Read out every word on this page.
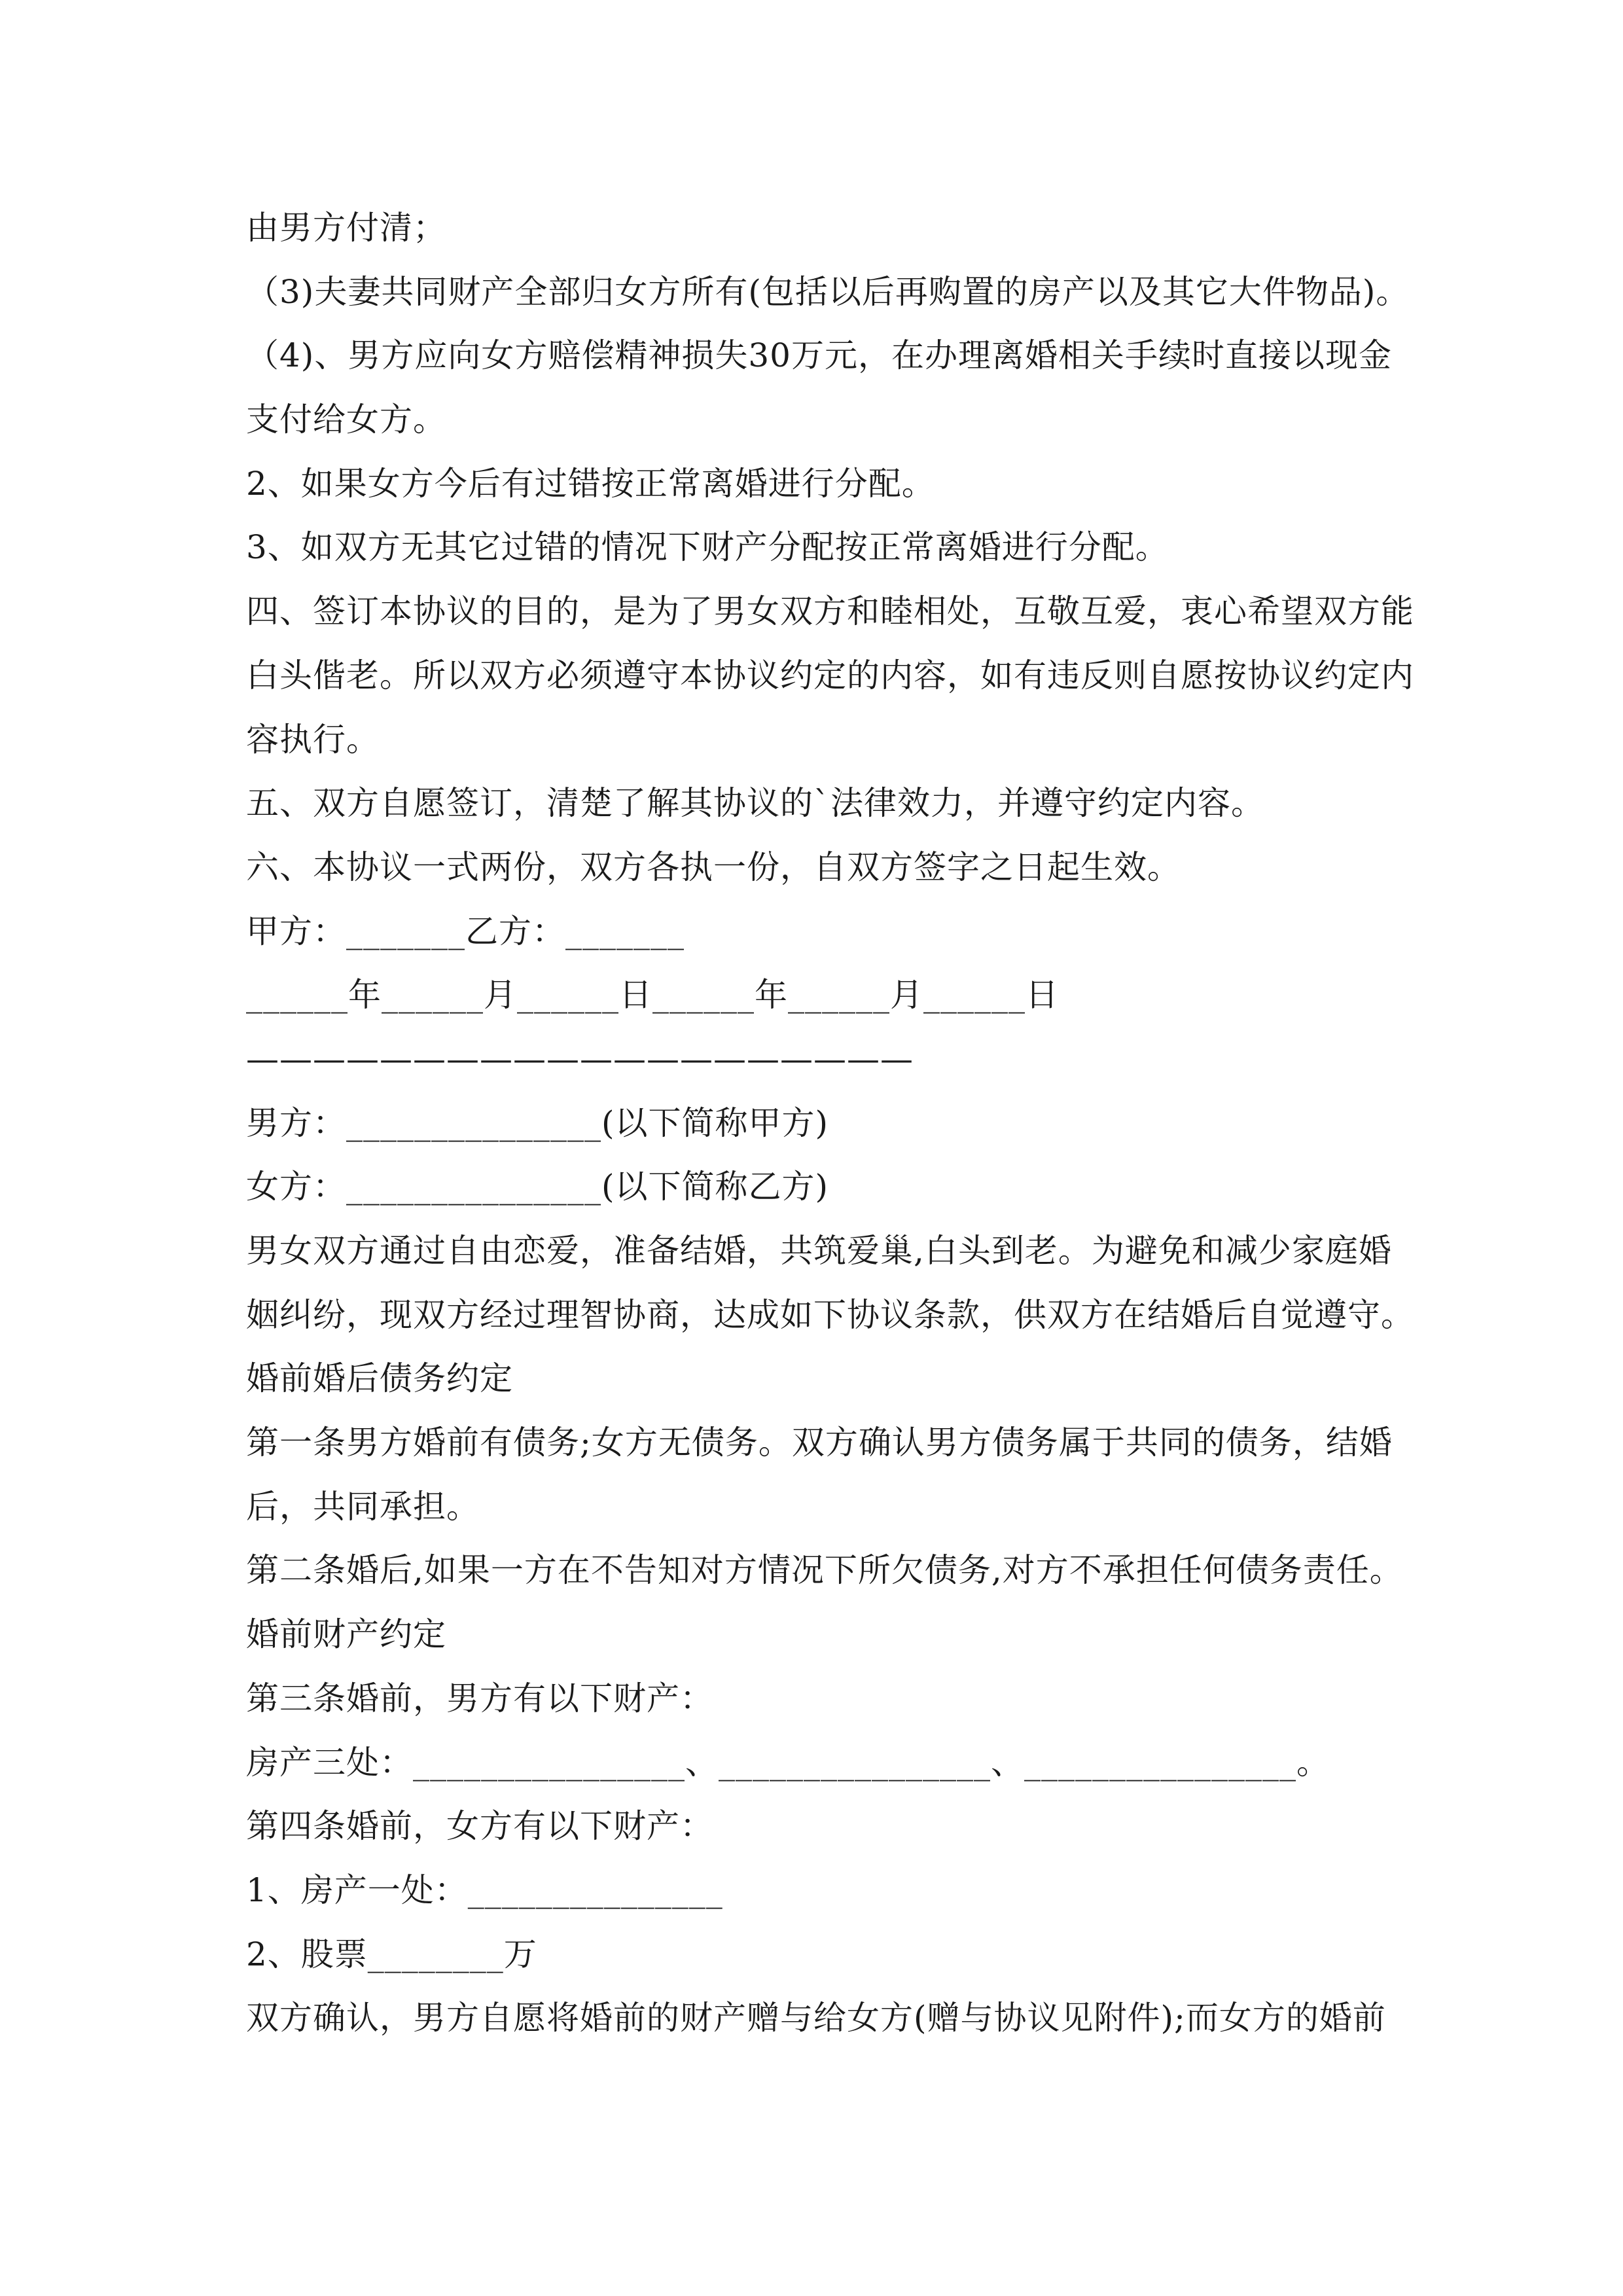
由男方付清；
（3)夫妻共同财产全部归女方所有(包括以后再购置的房产以及其它大件物品)。
（4)、男方应向女方赔偿精神损失30万元，在办理离婚相关手续时直接以现金
支付给女方。
2、如果女方今后有过错按正常离婚进行分配。
3、如双方无其它过错的情况下财产分配按正常离婚进行分配。
四、签订本协议的目的，是为了男女双方和睦相处，互敬互爱，衷心希望双方能
白头偕老。所以双方必须遵守本协议约定的内容，如有违反则自愿按协议约定内
容执行。
五、双方自愿签订，清楚了解其协议的`法律效力，并遵守约定内容。
六、本协议一式两份，双方各执一份，自双方签字之日起生效。
甲方：_______乙方：_______
______年______月______日______年______月______日
————————————————————
男方：_______________(以下简称甲方)
女方：_______________(以下简称乙方)
男女双方通过自由恋爱，准备结婚，共筑爱巢,白头到老。为避免和减少家庭婚
姻纠纷，现双方经过理智协商，达成如下协议条款，供双方在结婚后自觉遵守。
婚前婚后债务约定
第一条男方婚前有债务;女方无债务。双方确认男方债务属于共同的债务，结婚
后，共同承担。
第二条婚后,如果一方在不告知对方情况下所欠债务,对方不承担任何债务责任。
婚前财产约定
第三条婚前，男方有以下财产：
房产三处：________________、________________、________________。
第四条婚前，女方有以下财产：
1、房产一处：_______________
2、股票________万
双方确认，男方自愿将婚前的财产赠与给女方(赠与协议见附件);而女方的婚前
